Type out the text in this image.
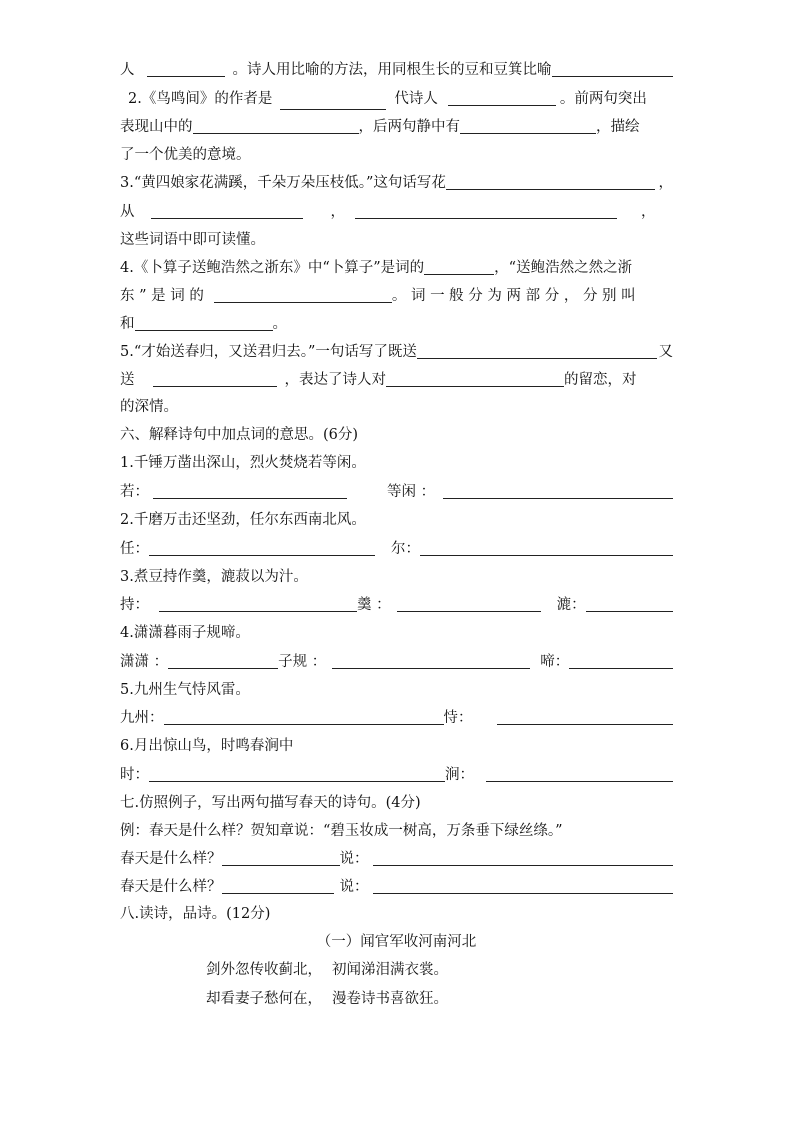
人	。诗人用比喻的方法，用同根生长的豆和豆箕比喻
2.《鸟鸣间》的作者是	代诗人	。前两句突出
表现山中的	，后两句静中有	，描绘
了一个优美的意境。
3.“黄四娘家花满蹊，千朵万朵压枝低。”这句话写花	，
从	，	，
这些词语中即可读懂。
4.《卜算子送鲍浩然之浙东》中“卜算子”是词的	，“送鲍浩然之然之浙
东 ” 是 词 的	。 词 一 般 分 为 两 部 分 ， 分 别 叫
和	。
5.“才始送春归，又送君归去。”一句话写了既送	又
送	，表达了诗人对	的留恋，对
的深情。
六、解释诗句中加点词的意思。(6分)
1.千锤万凿出深山，烈火焚烧若等闲。
若：	等闲 ：
2.千磨万击还坚劲，任尔东西南北风。
任：	尔：
3.煮豆持作羹，漉菽以为汁。
持：	羹 ：	漉：
4.潇潇暮雨子规啼。
潇潇 ：	子规 ：	啼：
5.九州生气恃风雷。
九州：	恃：
6.月出惊山鸟，时鸣春涧中
时：	涧：
七.仿照例子，写出两句描写春天的诗句。(4分)
例：春天是什么样？贺知章说：“碧玉妆成一树高，万条垂下绿丝绦。”
春天是什么样？	说：
春天是什么样？	说：
八.读诗，品诗。(12分)
（一）闻官军收河南河北
剑外忽传收蓟北， 初闻涕泪满衣裳。
却看妻子愁何在， 漫卷诗书喜欲狂。
